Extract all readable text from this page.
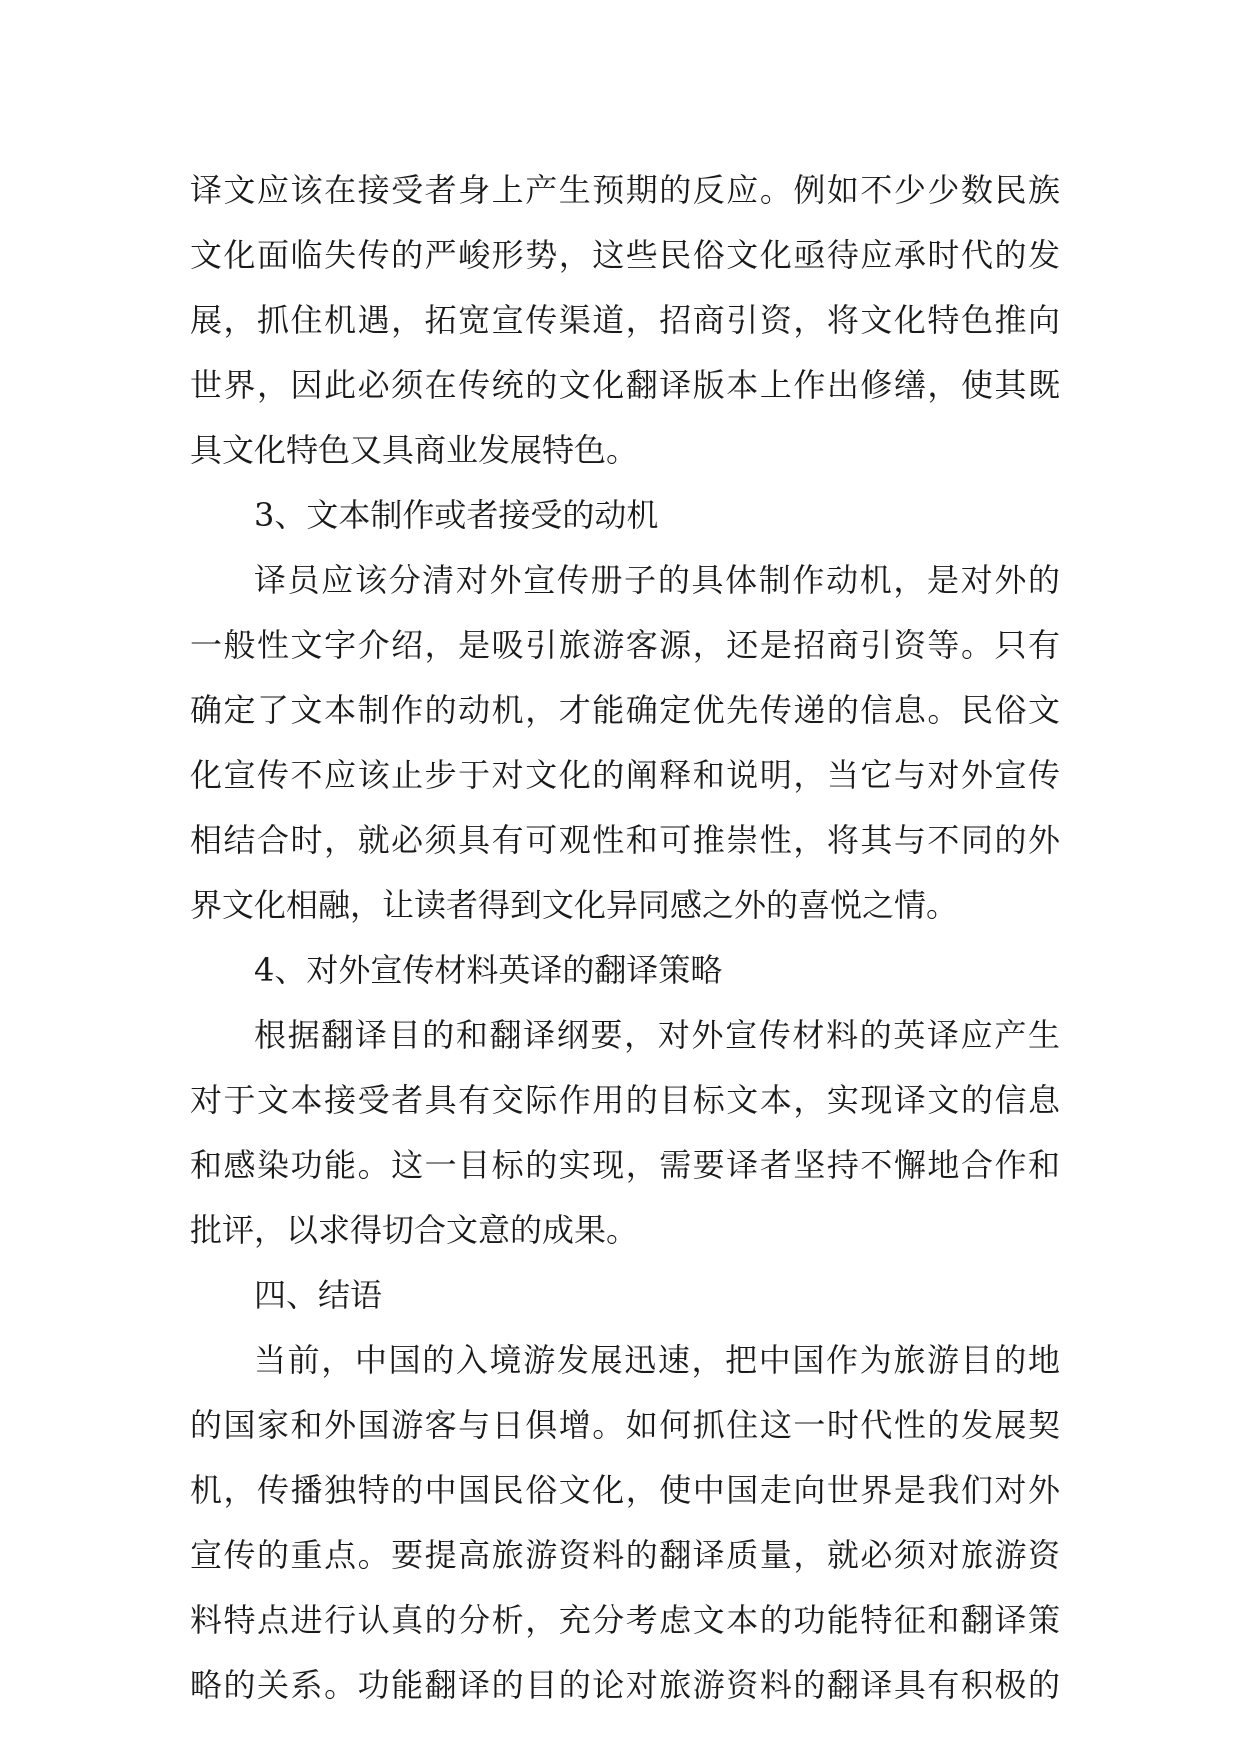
译文应该在接受者身上产生预期的反应。例如不少少数民族
文化面临失传的严峻形势，这些民俗文化亟待应承时代的发
展，抓住机遇，拓宽宣传渠道，招商引资，将文化特色推向
世界，因此必须在传统的文化翻译版本上作出修缮，使其既
具文化特色又具商业发展特色。
3、文本制作或者接受的动机
译员应该分清对外宣传册子的具体制作动机，是对外的
一般性文字介绍，是吸引旅游客源，还是招商引资等。只有
确定了文本制作的动机，才能确定优先传递的信息。民俗文
化宣传不应该止步于对文化的阐释和说明，当它与对外宣传
相结合时，就必须具有可观性和可推崇性，将其与不同的外
界文化相融，让读者得到文化异同感之外的喜悦之情。
4、对外宣传材料英译的翻译策略
根据翻译目的和翻译纲要，对外宣传材料的英译应产生
对于文本接受者具有交际作用的目标文本，实现译文的信息
和感染功能。这一目标的实现，需要译者坚持不懈地合作和
批评，以求得切合文意的成果。
四、结语
当前，中国的入境游发展迅速，把中国作为旅游目的地
的国家和外国游客与日俱增。如何抓住这一时代性的发展契
机，传播独特的中国民俗文化，使中国走向世界是我们对外
宣传的重点。要提高旅游资料的翻译质量，就必须对旅游资
料特点进行认真的分析，充分考虑文本的功能特征和翻译策
略的关系。功能翻译的目的论对旅游资料的翻译具有积极的
